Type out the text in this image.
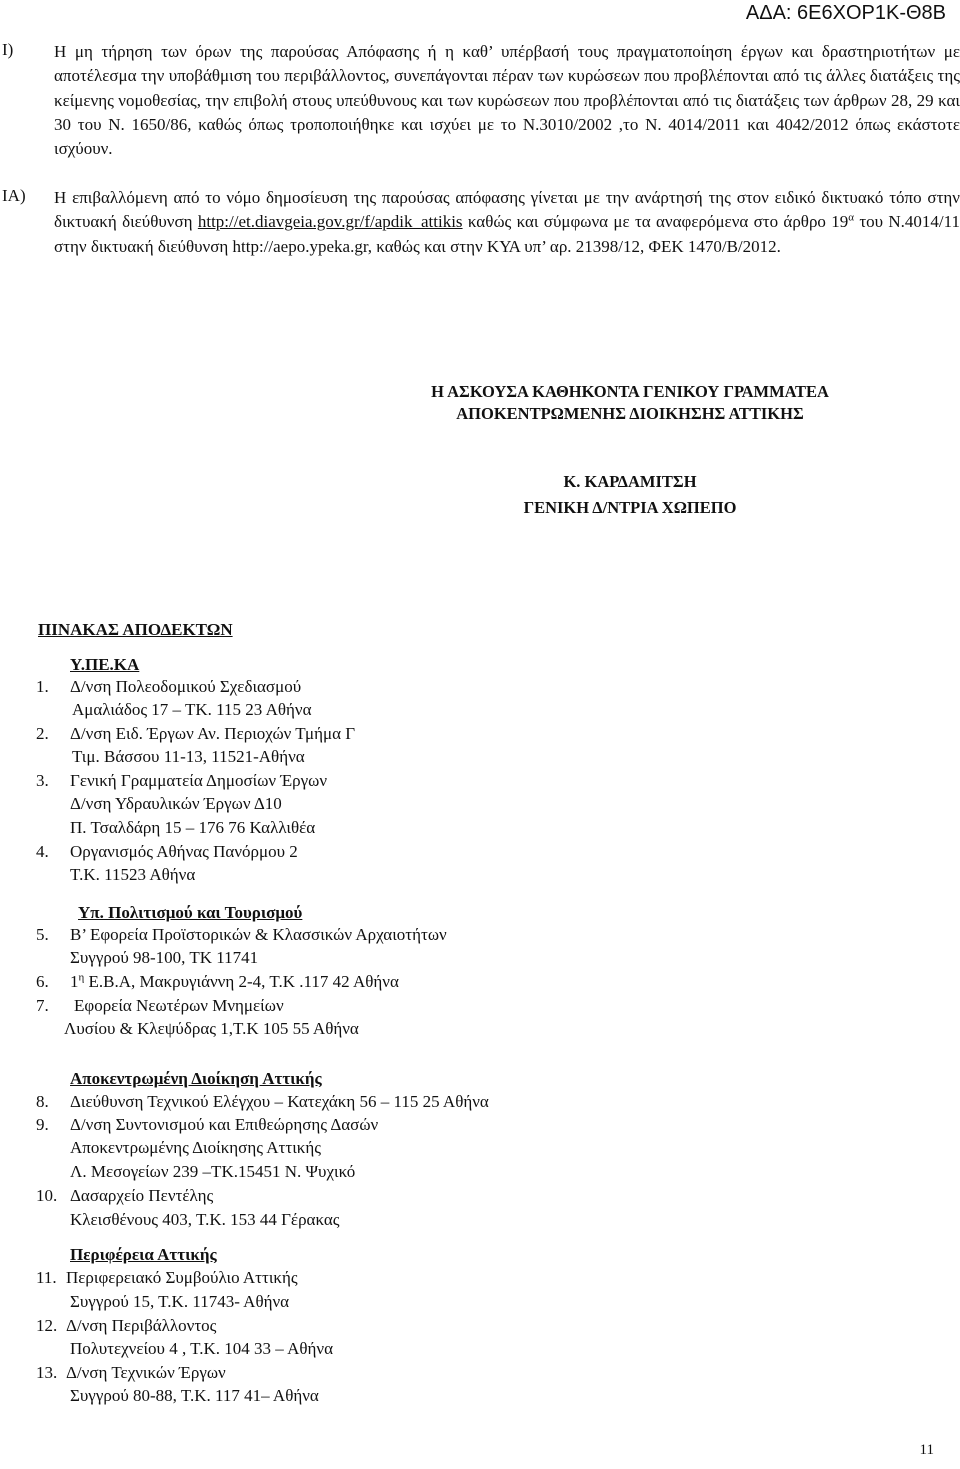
ΑΔΑ: 6Ε6ΧΟΡ1Κ-Θ8Β
Ι) Η μη τήρηση των όρων της παρούσας Απόφασης ή η καθ’ υπέρβασή τους πραγματοποίηση έργων και δραστηριοτήτων με αποτέλεσμα την υποβάθμιση του περιβάλλοντος, συνεπάγονται πέραν των κυρώσεων που προβλέπονται από τις άλλες διατάξεις της κείμενης νομοθεσίας, την επιβολή στους υπεύθυνους και των κυρώσεων που προβλέπονται από τις διατάξεις των άρθρων 28, 29 και 30 του Ν. 1650/86, καθώς όπως τροποποιήθηκε και ισχύει με το Ν.3010/2002 ,το Ν. 4014/2011 και 4042/2012 όπως εκάστοτε ισχύουν.
ΙΑ) Η επιβαλλόμενη από το νόμο δημοσίευση της παρούσας απόφασης γίνεται με την ανάρτησή της στον ειδικό δικτυακό τόπο στην δικτυακή διεύθυνση http://et.diavgeia.gov.gr/f/apdik_attikis καθώς και σύμφωνα με τα αναφερόμενα στο άρθρο $19^\alpha$ του Ν.4014/11 στην δικτυακή διεύθυνση http://aepo.ypeka.gr, καθώς και στην ΚΥΑ υπ’ αρ. 21398/12, ΦΕΚ 1470/Β/2012.
Η ΑΣΚΟΥΣΑ ΚΑΘΗΚΟΝΤΑ ΓΕΝΙΚΟΥ ΓΡΑΜΜΑΤΕΑ
ΑΠΟΚΕΝΤΡΩΜΕΝΗΣ ΔΙΟΙΚΗΣΗΣ ΑΤΤΙΚΗΣ
Κ. ΚΑΡΔΑΜΙΤΣΗ
ΓΕΝΙΚΗ Δ/ΝΤΡΙΑ ΧΩΠΕΠΟ
ΠΙΝΑΚΑΣ ΑΠΟΔΕΚΤΩΝ
Υ.ΠΕ.ΚΑ
1. Δ/νση Πολεοδομικού Σχεδιασμού
Αμαλιάδος 17 – ΤΚ. 115 23 Αθήνα
2. Δ/νση Ειδ. Έργων Αν. Περιοχών Τμήμα Γ
Τιμ. Βάσσου 11-13, 11521-Αθήνα
3. Γενική Γραμματεία Δημοσίων Έργων
Δ/νση Υδραυλικών Έργων Δ10
Π. Τσαλδάρη 15 – 176 76 Καλλιθέα
4. Οργανισμός Αθήνας Πανόρμου 2
Τ.Κ. 11523 Αθήνα
Υπ. Πολιτισμού και Τουρισμού
5. Β’ Εφορεία Προϊστορικών & Κλασσικών Αρχαιοτήτων
Συγγρού 98-100, ΤΚ 11741
6. $1^\eta$ Ε.Β.Α, Μακρυγιάννη 2-4, Τ.Κ .117 42 Αθήνα
7. Εφορεία Νεωτέρων Μνημείων
Λυσίου & Κλεψύδρας 1,Τ.Κ 105 55 Αθήνα
Αποκεντρωμένη Διοίκηση Αττικής
8. Διεύθυνση Τεχνικού Ελέγχου – Κατεχάκη 56 – 115 25 Αθήνα
9. Δ/νση Συντονισμού και Επιθεώρησης Δασών
Αποκεντρωμένης Διοίκησης Αττικής
Λ. Μεσογείων 239 –ΤΚ.15451 Ν. Ψυχικό
10. Δασαρχείο Πεντέλης
Κλεισθένους 403, Τ.Κ. 153 44 Γέρακας
Περιφέρεια Αττικής
11. Περιφερειακό Συμβούλιο Αττικής
Συγγρού 15, Τ.Κ. 11743- Αθήνα
12. Δ/νση Περιβάλλοντος
Πολυτεχνείου 4 , Τ.Κ. 104 33 – Αθήνα
13. Δ/νση Τεχνικών Έργων
Συγγρού 80-88, Τ.Κ. 117 41– Αθήνα
11
